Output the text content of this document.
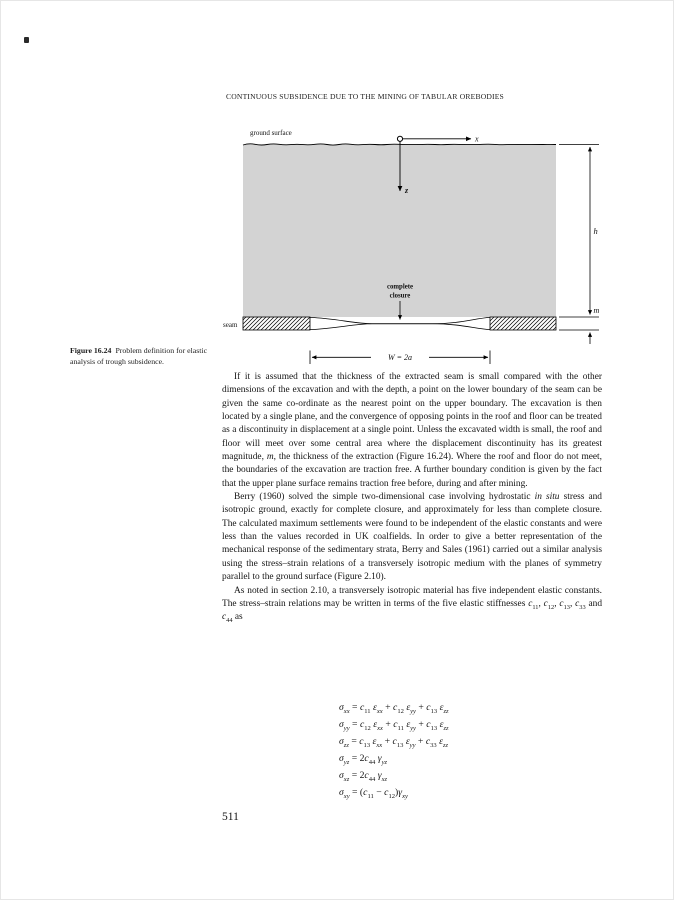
CONTINUOUS SUBSIDENCE DUE TO THE MINING OF TABULAR OREBODIES
ground surface
x
z
complete
closure
seam
h
m
W = 2a
Figure 16.24 Problem definition for elastic analysis of trough subsidence.

If it is assumed that the thickness of the extracted seam is small compared with the other dimensions of the excavation and with the depth, a point on the lower boundary of the seam can be given the same co-ordinate as the nearest point on the upper boundary. The excavation is then located by a single plane, and the convergence of opposing points in the roof and floor can be treated as a discontinuity in displacement at a single point. Unless the excavated width is small, the roof and floor will meet over some central area where the displacement discontinuity has its greatest magnitude, m, the thickness of the extraction (Figure 16.24). Where the roof and floor do not meet, the boundaries of the excavation are traction free. A further boundary condition is given by the fact that the upper plane surface remains traction free before, during and after mining.

Berry (1960) solved the simple two-dimensional case involving hydrostatic in situ stress and isotropic ground, exactly for complete closure, and approximately for less than complete closure. The calculated maximum settlements were found to be independent of the elastic constants and were less than the values recorded in UK coalfields. In order to give a better representation of the mechanical response of the sedimentary strata, Berry and Sales (1961) carried out a similar analysis using the stress–strain relations of a transversely isotropic medium with the planes of symmetry parallel to the ground surface (Figure 2.10).

As noted in section 2.10, a transversely isotropic material has five independent elastic constants. The stress–strain relations may be written in terms of the five elastic stiffnesses $c_{11}$, $c_{12}$, $c_{13}$, $c_{33}$ and $c_{44}$ as

$\sigma_{xx} = c_{11}$ $\varepsilon_{xx} + c_{12}$ $\varepsilon_{yy} + c_{13}$ $\varepsilon_{zz}$
$\sigma_{yy} = c_{12}$ $\varepsilon_{xx} + c_{11}$ $\varepsilon_{yy} + c_{13}$ $\varepsilon_{zz}$
$\sigma_{zz} = c_{13}$ $\varepsilon_{xx} + c_{13}$ $\varepsilon_{yy} + c_{33}$ $\varepsilon_{zz}$
$\sigma_{yz} = 2c_{44}$ $\gamma_{yz}$
$\sigma_{xz} = 2c_{44}$ $\gamma_{xz}$
$\sigma_{xy} = (c_{11} - c_{12})\gamma_{xy}$
511
